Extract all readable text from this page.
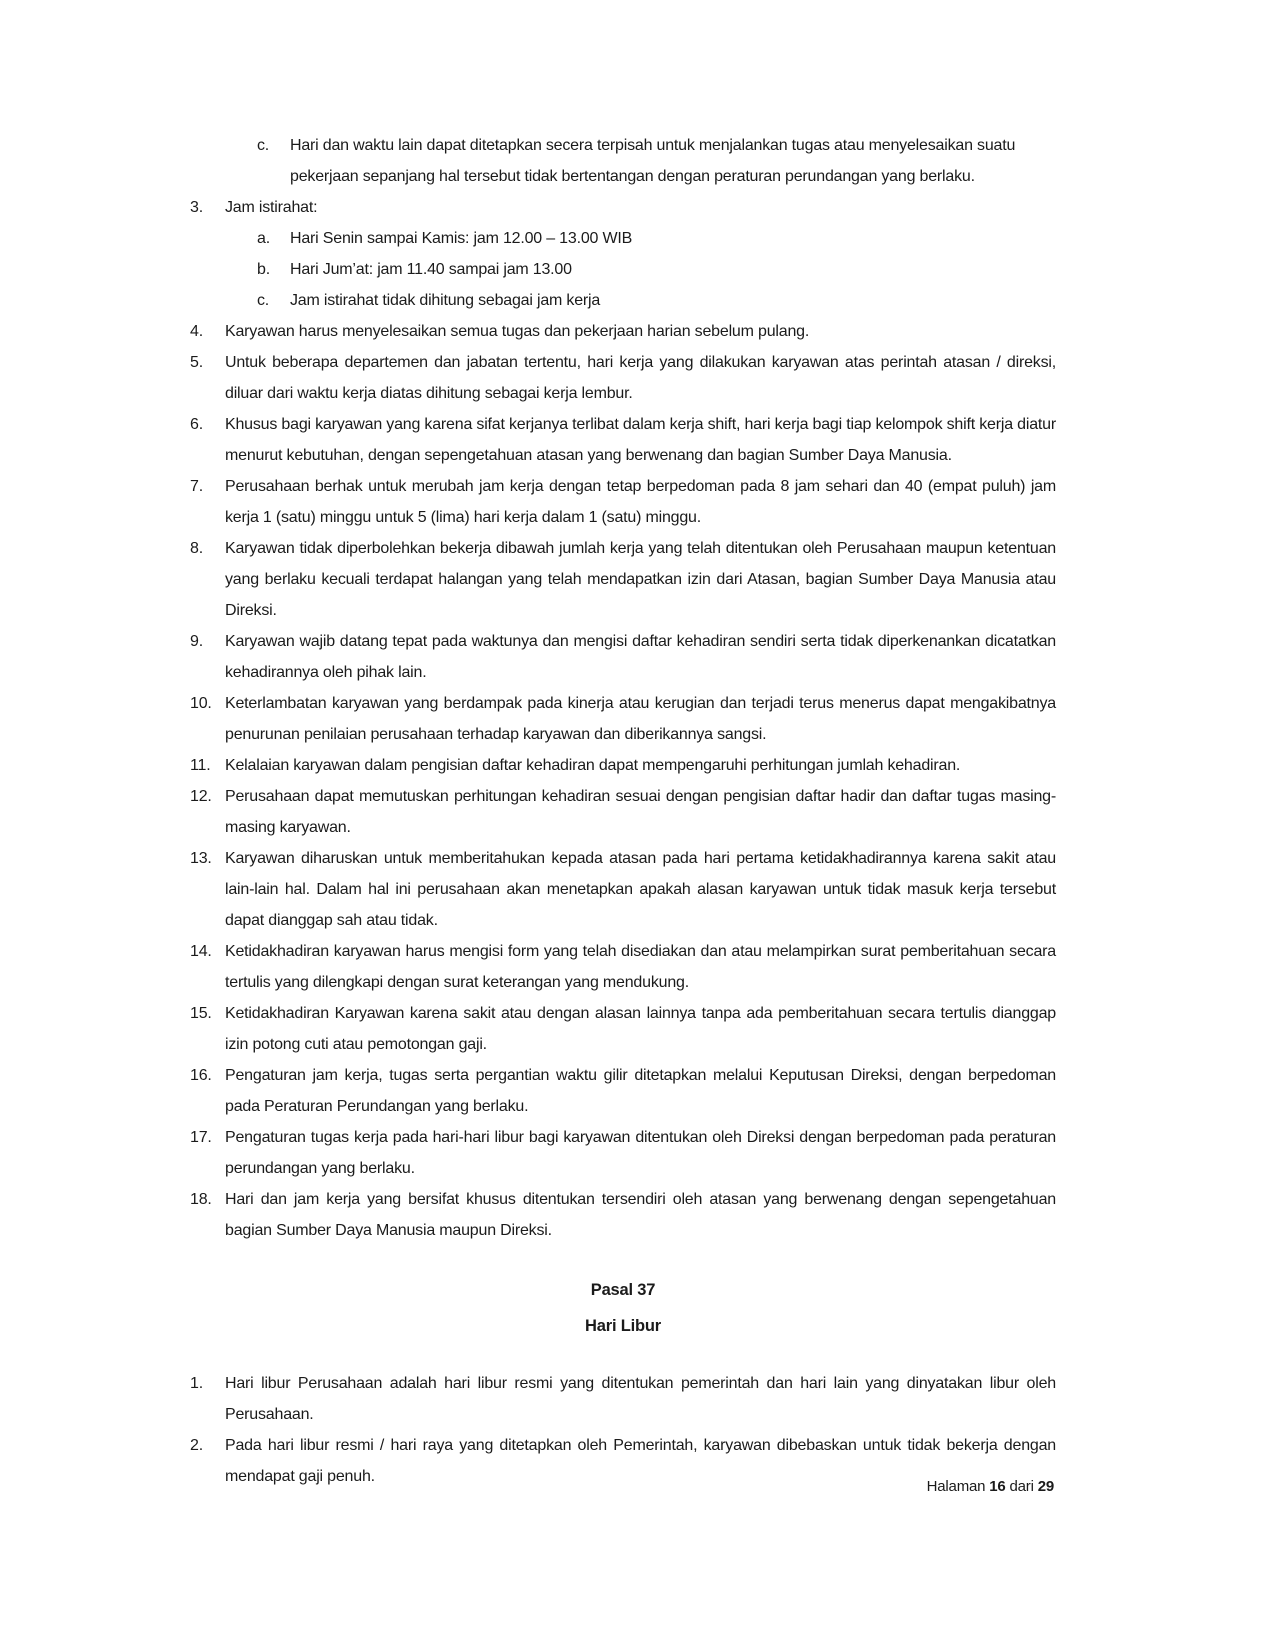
c.	Hari dan waktu lain dapat ditetapkan secera terpisah untuk menjalankan tugas atau menyelesaikan suatu pekerjaan sepanjang hal tersebut tidak bertentangan dengan peraturan perundangan yang berlaku.
3.	Jam istirahat:
a.	Hari Senin sampai Kamis: jam 12.00 – 13.00 WIB
b.	Hari Jum’at: jam 11.40 sampai jam 13.00
c.	Jam istirahat tidak dihitung sebagai jam kerja
4.	Karyawan harus menyelesaikan semua tugas dan pekerjaan harian sebelum pulang.
5.	Untuk beberapa departemen dan jabatan tertentu, hari kerja yang dilakukan karyawan atas perintah atasan / direksi, diluar dari waktu kerja diatas dihitung sebagai kerja lembur.
6.	Khusus bagi karyawan yang karena sifat kerjanya terlibat dalam kerja shift, hari kerja bagi tiap kelompok shift kerja diatur menurut kebutuhan, dengan sepengetahuan atasan yang berwenang dan bagian Sumber Daya Manusia.
7.	Perusahaan berhak untuk merubah jam kerja dengan tetap berpedoman pada 8 jam sehari dan 40 (empat puluh) jam kerja 1 (satu) minggu untuk 5 (lima) hari kerja dalam 1 (satu) minggu.
8.	Karyawan tidak diperbolehkan bekerja dibawah jumlah kerja yang telah ditentukan oleh Perusahaan maupun ketentuan yang berlaku kecuali terdapat halangan yang telah mendapatkan izin dari Atasan, bagian Sumber Daya Manusia atau Direksi.
9.	Karyawan wajib datang tepat pada waktunya dan mengisi daftar kehadiran sendiri serta tidak diperkenankan dicatatkan kehadirannya oleh pihak lain.
10. Keterlambatan karyawan yang berdampak pada kinerja atau kerugian dan terjadi terus menerus dapat mengakibatnya penurunan penilaian perusahaan terhadap karyawan dan diberikannya sangsi.
11. Kelalaian karyawan dalam pengisian daftar kehadiran dapat mempengaruhi perhitungan jumlah kehadiran.
12. Perusahaan dapat memutuskan perhitungan kehadiran sesuai dengan pengisian daftar hadir dan daftar tugas masing-masing karyawan.
13. Karyawan diharuskan untuk memberitahukan kepada atasan pada hari pertama ketidakhadirannya karena sakit atau lain-lain hal. Dalam hal ini perusahaan akan menetapkan apakah alasan karyawan untuk tidak masuk kerja tersebut dapat dianggap sah atau tidak.
14. Ketidakhadiran karyawan harus mengisi form yang telah disediakan dan atau melampirkan surat pemberitahuan secara tertulis yang dilengkapi dengan surat keterangan yang mendukung.
15. Ketidakhadiran Karyawan karena sakit atau dengan alasan lainnya tanpa ada pemberitahuan secara tertulis dianggap izin potong cuti atau pemotongan gaji.
16. Pengaturan jam kerja, tugas serta pergantian waktu gilir ditetapkan melalui Keputusan Direksi, dengan berpedoman pada Peraturan Perundangan yang berlaku.
17. Pengaturan tugas kerja pada hari-hari libur bagi karyawan ditentukan oleh Direksi dengan berpedoman pada peraturan perundangan yang berlaku.
18. Hari dan jam kerja yang bersifat khusus ditentukan tersendiri oleh atasan yang berwenang dengan sepengetahuan bagian Sumber Daya Manusia maupun Direksi.
Pasal 37
Hari Libur
1.	Hari libur Perusahaan adalah hari libur resmi yang ditentukan pemerintah dan hari lain yang dinyatakan libur oleh Perusahaan.
2.	Pada hari libur resmi / hari raya yang ditetapkan oleh Pemerintah, karyawan dibebaskan untuk tidak bekerja dengan mendapat gaji penuh.
Halaman 16 dari 29
